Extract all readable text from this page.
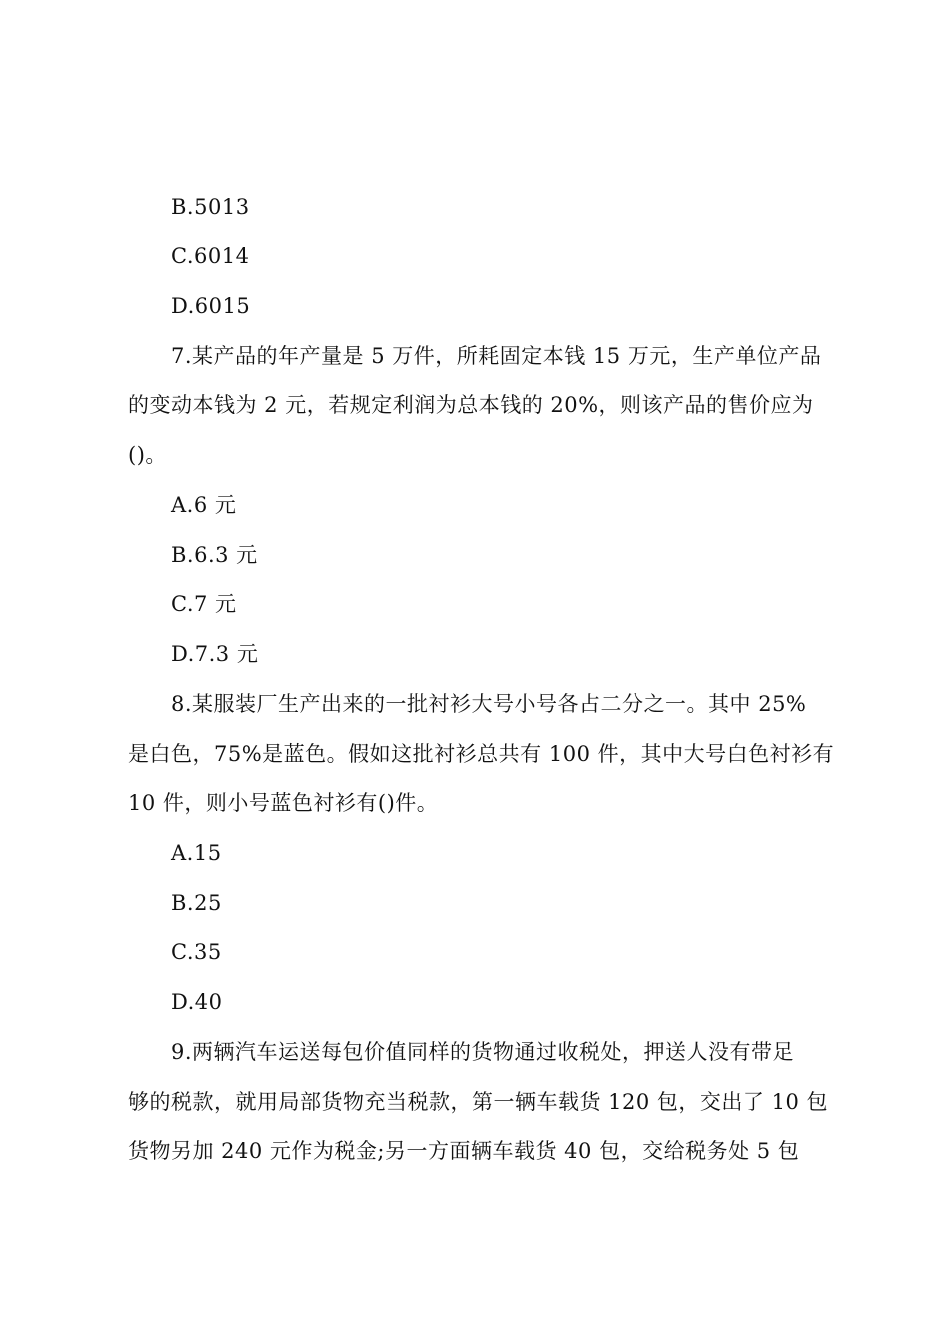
B.5013
C.6014
D.6015
7.某产品的年产量是 5 万件，所耗固定本钱 15 万元，生产单位产品
的变动本钱为 2 元，若规定利润为总本钱的 20%，则该产品的售价应为
()。
A.6 元
B.6.3 元
C.7 元
D.7.3 元
8.某服装厂生产出来的一批衬衫大号小号各占二分之一。其中 25%
是白色，75%是蓝色。假如这批衬衫总共有 100 件，其中大号白色衬衫有
10 件，则小号蓝色衬衫有()件。
A.15
B.25
C.35
D.40
9.两辆汽车运送每包价值同样的货物通过收税处，押送人没有带足
够的税款，就用局部货物充当税款，第一辆车载货 120 包，交出了 10 包
货物另加 240 元作为税金;另一方面辆车载货 40 包，交给税务处 5 包
